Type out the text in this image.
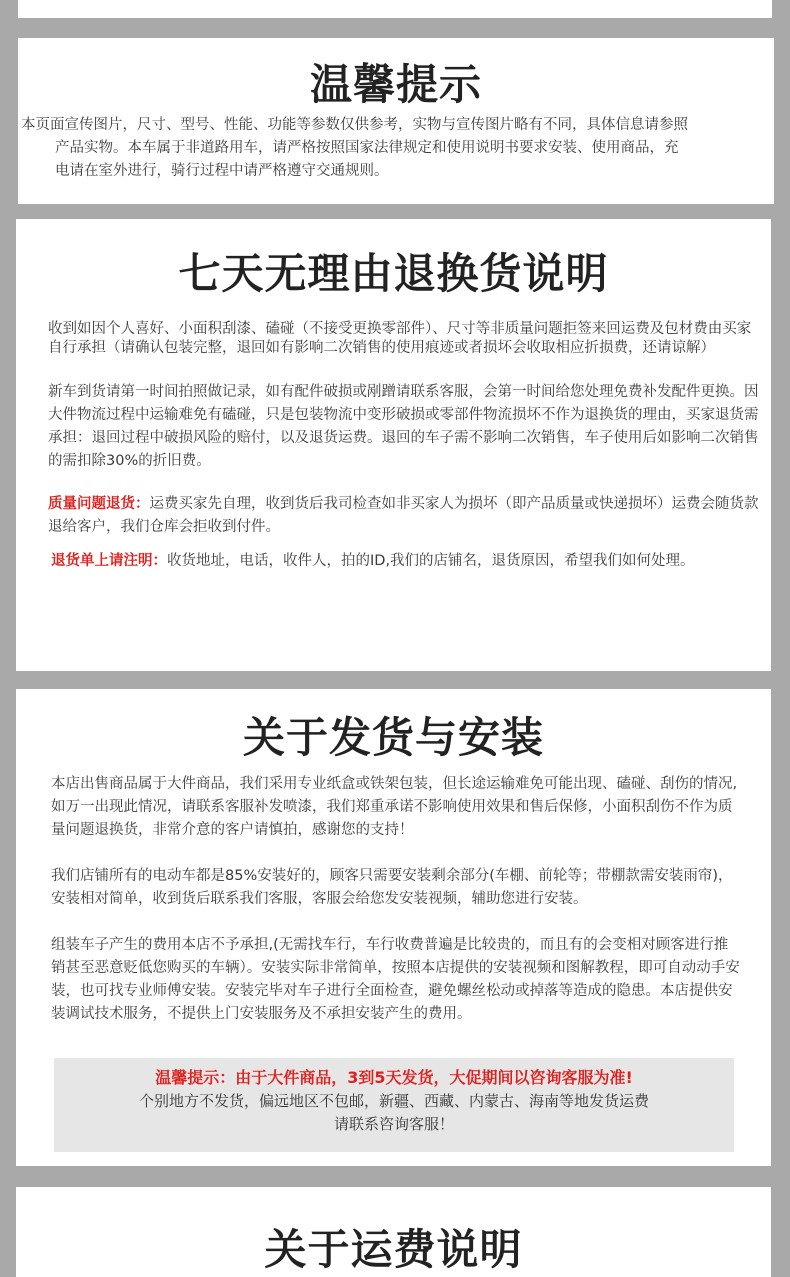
温馨提示

本页面宣传图片，尺寸、型号、性能、功能等参数仅供参考，实物与宣传图片略有不同，具体信息请参照
产品实物。本车属于非道路用车，请严格按照国家法律规定和使用说明书要求安装、使用商品，充
电请在室外进行，骑行过程中请严格遵守交通规则。

七天无理由退换货说明

收到如因个人喜好、小面积刮漆、磕碰（不接受更换零部件）、尺寸等非质量问题拒签来回运费及包材费由买家自行承担（请确认包装完整，退回如有影响二次销售的使用痕迹或者损坏会收取相应折损费，还请谅解）

新车到货请第一时间拍照做记录，如有配件破损或剐蹭请联系客服，会第一时间给您处理免费补发配件更换。因大件物流过程中运输难免有磕碰，只是包装物流中变形破损或零部件物流损坏不作为退换货的理由，买家退货需承担：退回过程中破损风险的赔付，以及退货运费。退回的车子需不影响二次销售，车子使用后如影响二次销售的需扣除30%的折旧费。

质量问题退货：运费买家先自理，收到货后我司检查如非买家人为损坏（即产品质量或快递损坏）运费会随货款退给客户，我们仓库会拒收到付件。

退货单上请注明：收货地址，电话，收件人，拍的ID,我们的店铺名，退货原因，希望我们如何处理。

关于发货与安装

本店出售商品属于大件商品，我们采用专业纸盒或铁架包装，但长途运输难免可能出现、磕碰、刮伤的情况,如万一出现此情况，请联系客服补发喷漆，我们郑重承诺不影响使用效果和售后保修，小面积刮伤不作为质量问题退换货，非常介意的客户请慎拍，感谢您的支持！

我们店铺所有的电动车都是85%安装好的，顾客只需要安装剩余部分(车棚、前轮等；带棚款需安装雨帘)，安装相对简单，收到货后联系我们客服，客服会给您发安装视频，辅助您进行安装。

组装车子产生的费用本店不予承担,(无需找车行，车行收费普遍是比较贵的，而且有的会变相对顾客进行推销甚至恶意贬低您购买的车辆）。安装实际非常简单，按照本店提供的安装视频和图解教程，即可自动动手安装，也可找专业师傅安装。安装完毕对车子进行全面检查，避免螺丝松动或掉落等造成的隐患。本店提供安装调试技术服务，不提供上门安装服务及不承担安装产生的费用。

温馨提示：由于大件商品，3到5天发货，大促期间以咨询客服为准!
个别地方不发货，偏远地区不包邮，新疆、西藏、内蒙古、海南等地发货运费
请联系咨询客服！
关于运费说明
